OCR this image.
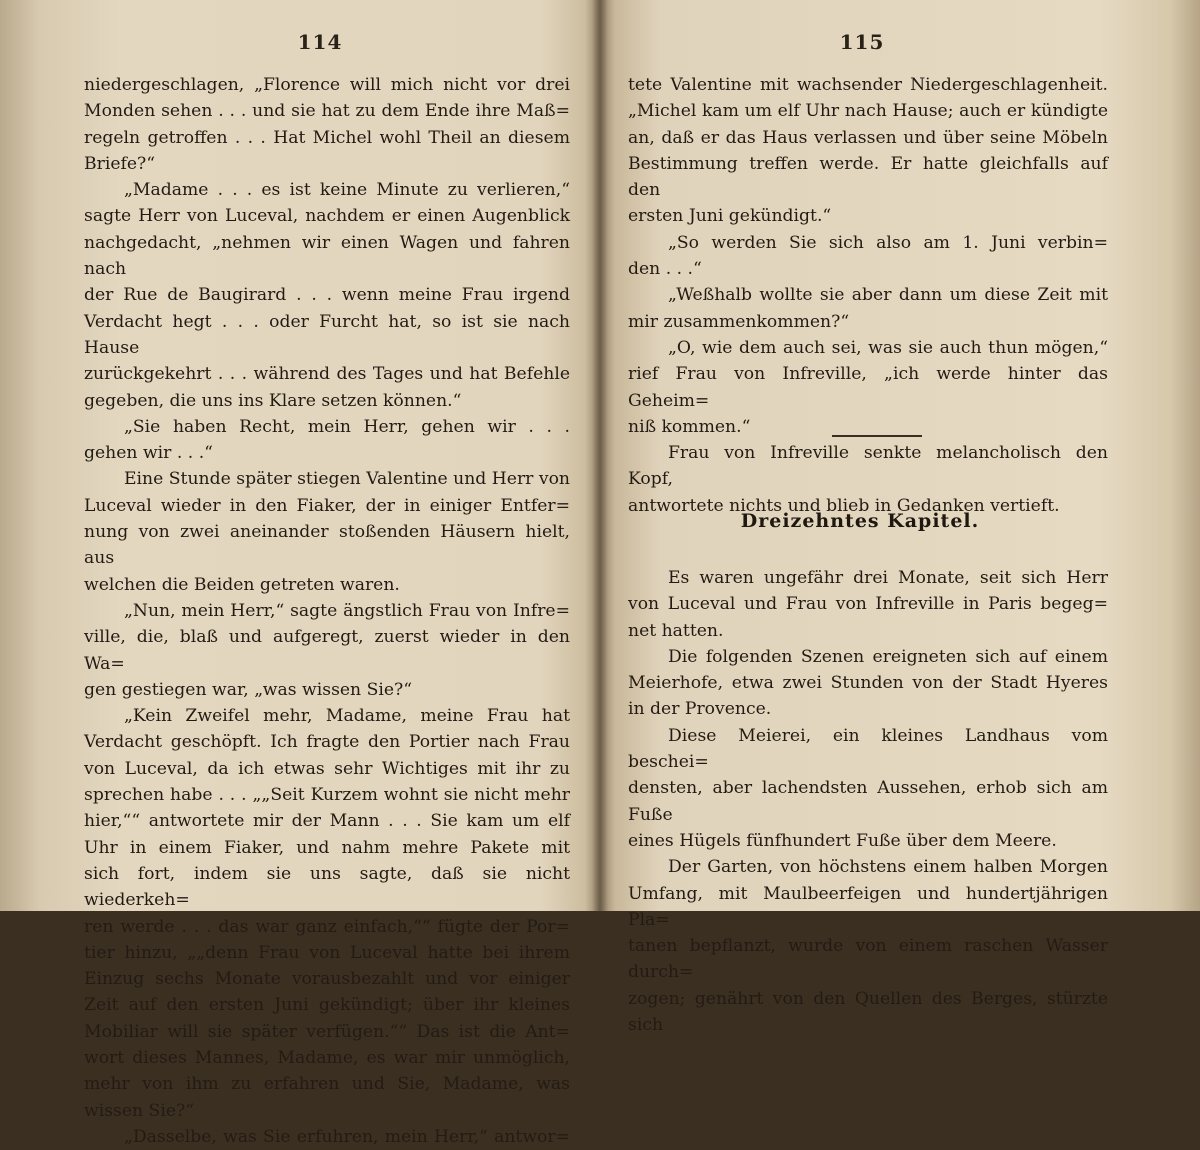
114

niedergeschlagen, „Florence will mich nicht vor drei

Monden sehen . . . und sie hat zu dem Ende ihre Maß=

regeln getroffen . . . Hat Michel wohl Theil an diesem

Briefe?“

„Madame . . . es ist keine Minute zu verlieren,“

sagte Herr von Luceval, nachdem er einen Augenblick

nachgedacht, „nehmen wir einen Wagen und fahren nach

der Rue de Baugirard . . . wenn meine Frau irgend

Verdacht hegt . . . oder Furcht hat, so ist sie nach Hause

zurückgekehrt . . . während des Tages und hat Befehle

gegeben, die uns ins Klare setzen können.“

„Sie haben Recht, mein Herr, gehen wir . . .

gehen wir . . .“

Eine Stunde später stiegen Valentine und Herr von

Luceval wieder in den Fiaker, der in einiger Entfer=

nung von zwei aneinander stoßenden Häusern hielt, aus

welchen die Beiden getreten waren.

„Nun, mein Herr,“ sagte ängstlich Frau von Infre=

ville, die, blaß und aufgeregt, zuerst wieder in den Wa=

gen gestiegen war, „was wissen Sie?“

„Kein Zweifel mehr, Madame, meine Frau hat

Verdacht geschöpft. Ich fragte den Portier nach Frau

von Luceval, da ich etwas sehr Wichtiges mit ihr zu

sprechen habe . . . „„Seit Kurzem wohnt sie nicht mehr

hier,““ antwortete mir der Mann . . . Sie kam um elf

Uhr in einem Fiaker, und nahm mehre Pakete mit

sich fort, indem sie uns sagte, daß sie nicht wiederkeh=

ren werde . . . das war ganz einfach,““ fügte der Por=

tier hinzu, „„denn Frau von Luceval hatte bei ihrem

Einzug sechs Monate vorausbezahlt und vor einiger

Zeit auf den ersten Juni gekündigt; über ihr kleines

Mobiliar will sie später verfügen.““ Das ist die Ant=

wort dieses Mannes, Madame, es war mir unmöglich,

mehr von ihm zu erfahren und Sie, Madame, was

wissen Sie?“

„Dasselbe, was Sie erfuhren, mein Herr,“ antwor=

115

tete Valentine mit wachsender Niedergeschlagenheit.

„Michel kam um elf Uhr nach Hause; auch er kündigte

an, daß er das Haus verlassen und über seine Möbeln

Bestimmung treffen werde. Er hatte gleichfalls auf den

ersten Juni gekündigt.“

„So werden Sie sich also am 1. Juni verbin=

den . . .“

„Weßhalb wollte sie aber dann um diese Zeit mit

mir zusammenkommen?“

„O, wie dem auch sei, was sie auch thun mögen,“

rief Frau von Infreville, „ich werde hinter das Geheim=

niß kommen.“

Frau von Infreville senkte melancholisch den Kopf,

antwortete nichts und blieb in Gedanken vertieft.

Dreizehntes Kapitel.

Es waren ungefähr drei Monate, seit sich Herr

von Luceval und Frau von Infreville in Paris begeg=

net hatten.

Die folgenden Szenen ereigneten sich auf einem

Meierhofe, etwa zwei Stunden von der Stadt Hyeres

in der Provence.

Diese Meierei, ein kleines Landhaus vom beschei=

densten, aber lachendsten Aussehen, erhob sich am Fuße

eines Hügels fünfhundert Fuße über dem Meere.

Der Garten, von höchstens einem halben Morgen

Umfang, mit Maulbeerfeigen und hundertjährigen Pla=

tanen bepflanzt, wurde von einem raschen Wasser durch=

zogen; genährt von den Quellen des Berges, stürzte sich
